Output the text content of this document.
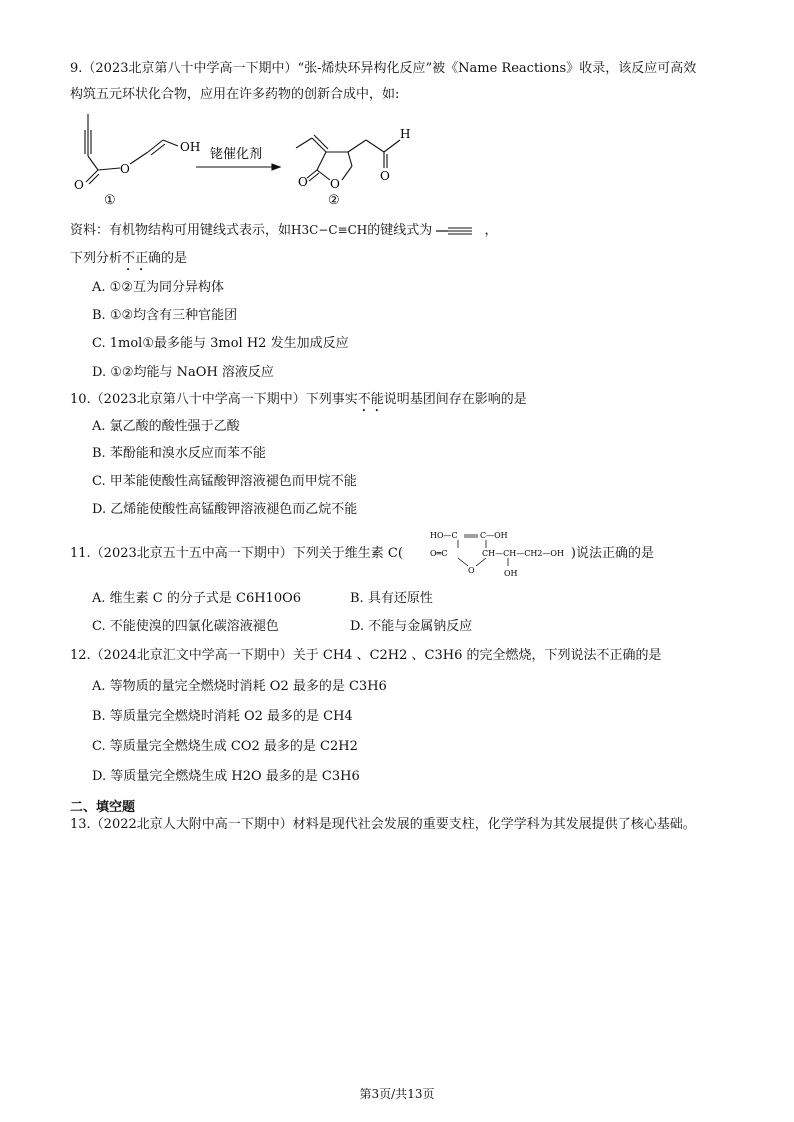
9.（2023北京第八十中学高一下期中）“张-烯炔环异构化反应”被《Name Reactions》收录，该反应可高效
构筑五元环状化合物，应用在许多药物的创新合成中，如:
OH
O
O
①
铑催化剂
O
O	O
H
②
资料：有机物结构可用键线式表示，如H3C−C≡CH的键线式为	，
下列分析不正确的是
A. ①②互为同分异构体
B. ①②均含有三种官能团
C. 1mol①最多能与 3mol H2 发生加成反应
D. ①②均能与 NaOH 溶液反应
10.（2023北京第八十中学高一下期中）下列事实不能说明基团间存在影响的是
A. 氯乙酸的酸性强于乙酸
B. 苯酚能和溴水反应而苯不能
C. 甲苯能使酸性高锰酸钾溶液褪色而甲烷不能
D. 乙烯能使酸性高锰酸钾溶液褪色而乙烷不能
11.（2023北京五十五中高一下期中）下列关于维生素 C(	)说法正确的是
HO—C	C—OH
O═C	CH—CH—CH2—OH
O	OH
A. 维生素 C 的分子式是 C6H10O6	B. 具有还原性
C. 不能使溴的四氯化碳溶液褪色	D. 不能与金属钠反应
12.（2024北京汇文中学高一下期中）关于 CH4 、C2H2 、C3H6 的完全燃烧，下列说法不正确的是
A. 等物质的量完全燃烧时消耗 O2 最多的是 C3H6
B. 等质量完全燃烧时消耗 O2 最多的是 CH4
C. 等质量完全燃烧生成 CO2 最多的是 C2H2
D. 等质量完全燃烧生成 H2O 最多的是 C3H6
二、填空题
13.（2022北京人大附中高一下期中）材料是现代社会发展的重要支柱，化学学科为其发展提供了核心基础。
第3页/共13页
